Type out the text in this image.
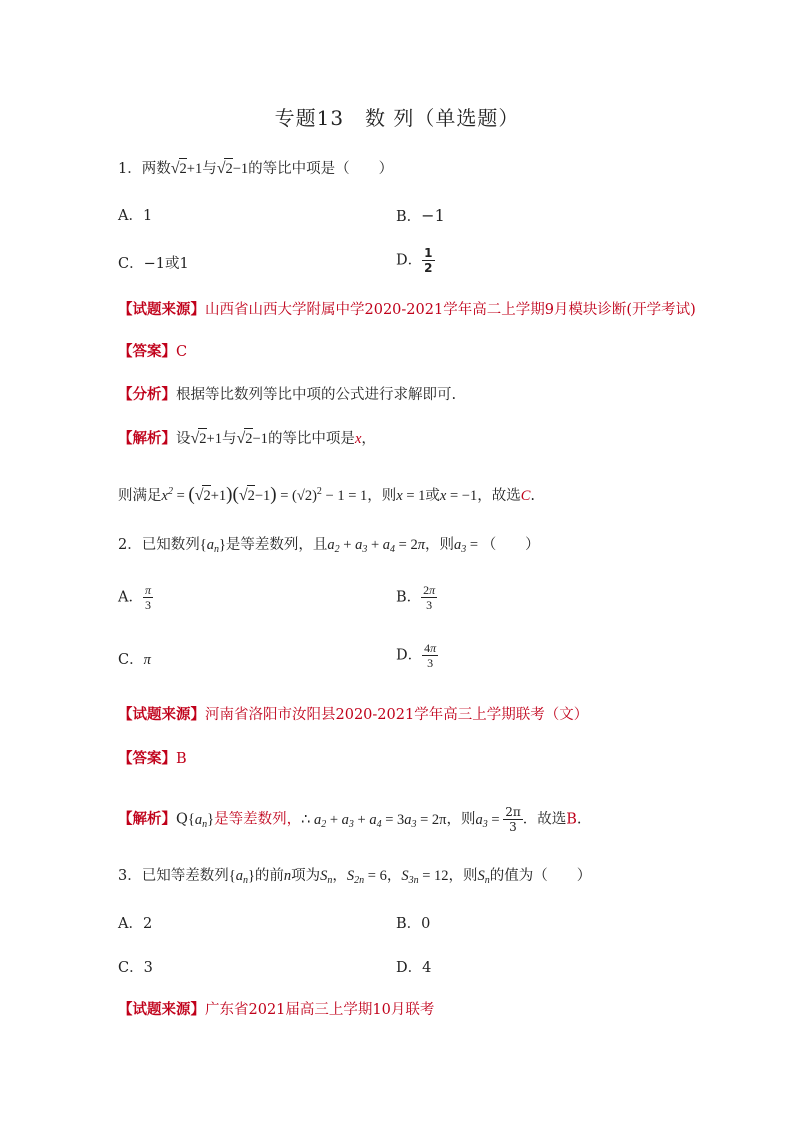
专题13　数 列（单选题）
1．两数√2+1与√2−1的等比中项是（　　）
A．1	B．−1
C．−1或1	D． $\frac{1}{2}$
【试题来源】山西省山西大学附属中学2020-2021学年高二上学期9月模块诊断(开学考试)
【答案】C
【分析】根据等比数列等比中项的公式进行求解即可.
【解析】设√2+1与√2−1的等比中项是x，
则满足$x^2 = (√2+1)(√2-1) = (√2)^2 - 1 = 1$，则x = 1或x = −1，故选C.
2．已知数列$\{a_n\}$是等差数列，且$a_2 + a_3 + a_4 = 2\pi$，则$a_3$ = （　　）
A． $\frac{\pi}{3}$	B． $\frac{2\pi}{3}$
C．π	D． $\frac{4\pi}{3}$
【试题来源】河南省洛阳市汝阳县2020-2021学年高三上学期联考（文）
【答案】B
【解析】$Q\{a_n\}$是等差数列，∴ $a_2 + a_3 + a_4 = 3a_3 = 2\pi$，则$a_3 = \frac{2\pi}{3}$ ．故选B.
3．已知等差数列$\{a_n\}$的前n项为$S_n$，$S_{2n} = 6$，$S_{3n} = 12$，则$S_n$的值为（　　）
A．2	B．0
C．3	D．4
【试题来源】广东省2021届高三上学期10月联考
